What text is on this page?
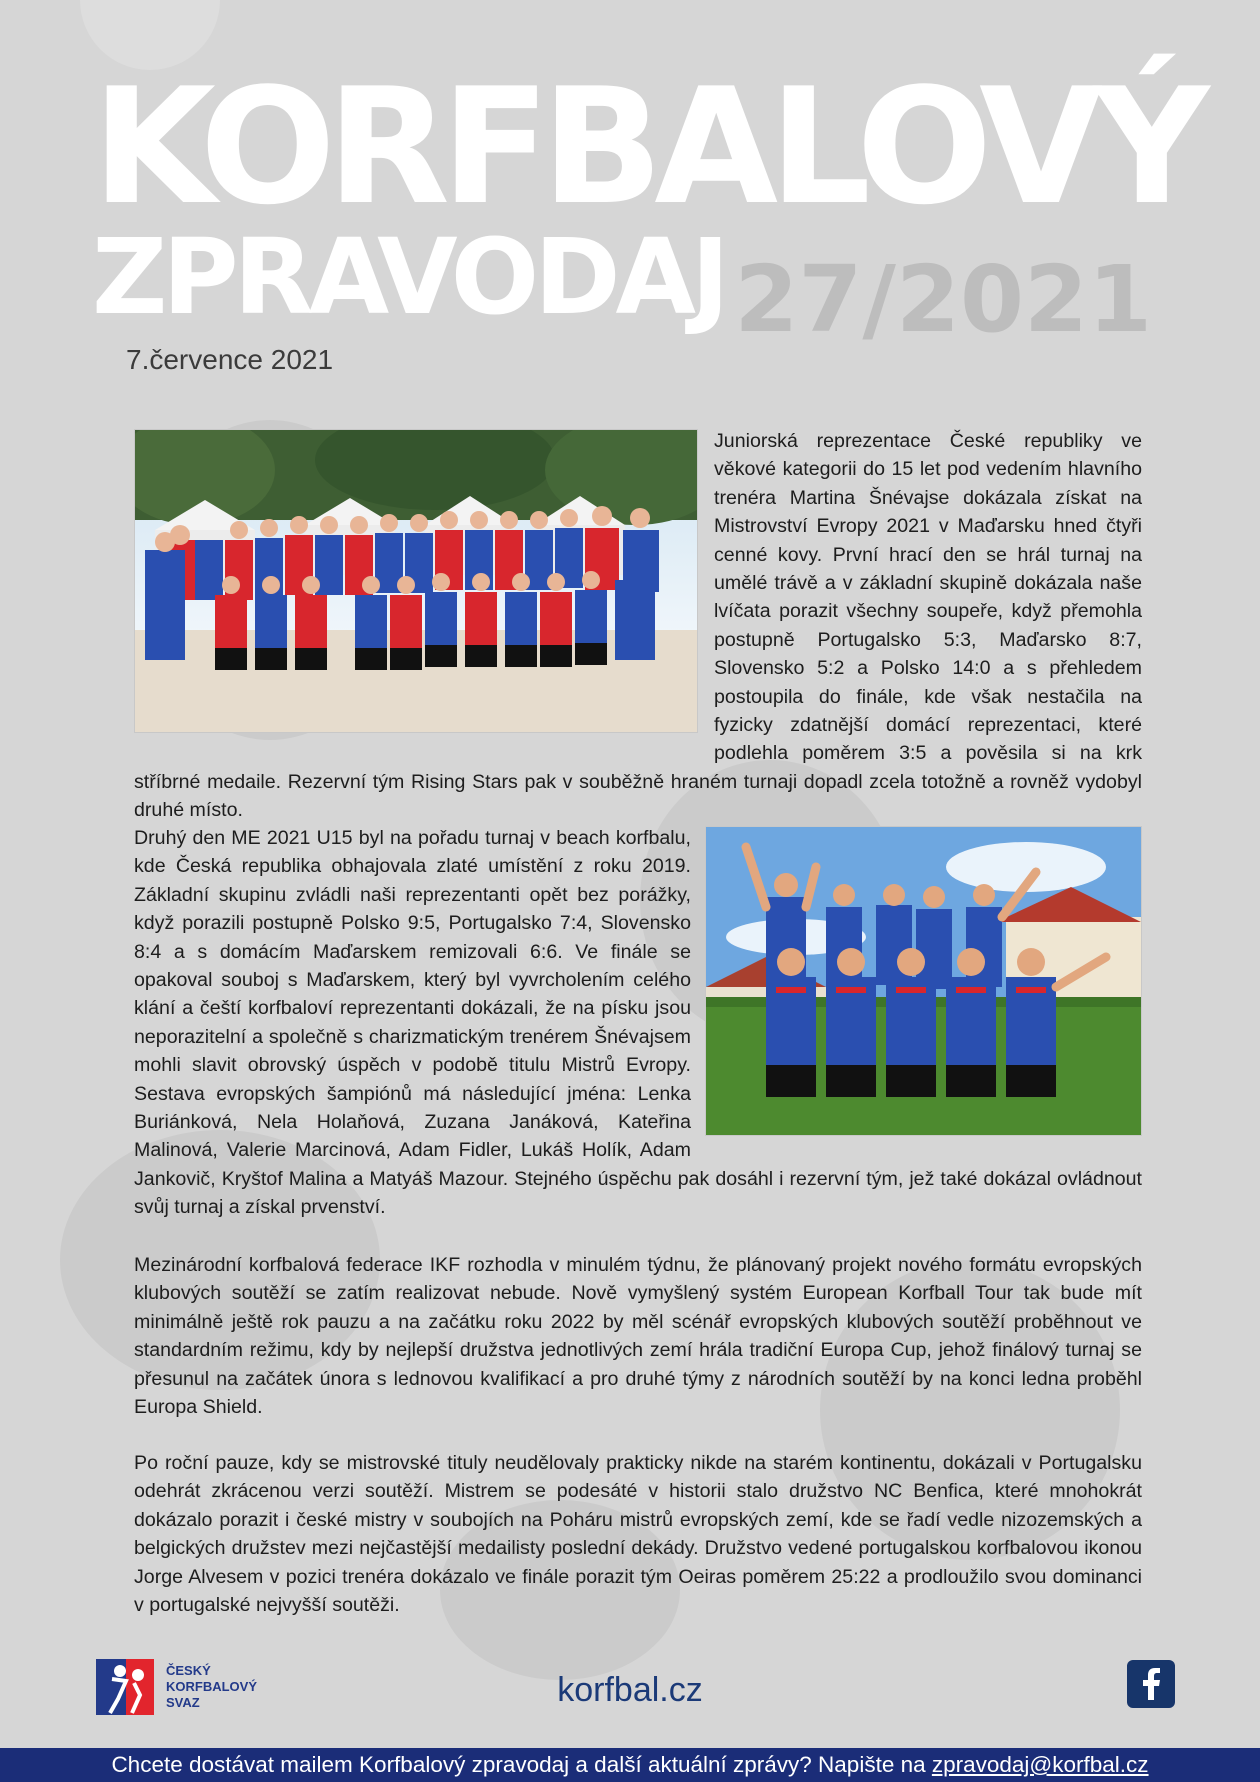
KORFBALOVÝ
ZPRAVODAJ 27/2021
7.července 2021

Juniorská reprezentace České republiky ve věkové kategorii do 15 let pod vedením hlavního trenéra Martina Šnévajse dokázala získat na Mistrovství Evropy 2021 v Maďarsku hned čtyři cenné kovy. První hrací den se hrál turnaj na umělé trávě a v základní skupině dokázala naše lvíčata porazit všechny soupeře, když přemohla postupně Portugalsko 5:3, Maďarsko 8:7, Slovensko 5:2 a Polsko 14:0 a s přehledem postoupila do finále, kde však nestačila na fyzicky zdatnější domácí reprezentaci, které podlehla poměrem 3:5 a pověsila si na krk stříbrné medaile. Rezervní tým Rising Stars pak v souběžně hraném turnaji dopadl zcela totožně a rovněž vydobyl druhé místo.

Druhý den ME 2021 U15 byl na pořadu turnaj v beach korfbalu, kde Česká republika obhajovala zlaté umístění z roku 2019. Základní skupinu zvládli naši reprezentanti opět bez porážky, když porazili postupně Polsko 9:5, Portugalsko 7:4, Slovensko 8:4 a s domácím Maďarskem remizovali 6:6. Ve finále se opakoval souboj s Maďarskem, který byl vyvrcholením celého klání a čeští korfbaloví reprezentanti dokázali, že na písku jsou neporazitelní a společně s charizmatickým trenérem Šnévajsem mohli slavit obrovský úspěch v podobě titulu Mistrů Evropy. Sestava evropských šampiónů má následující jména: Lenka Buriánková, Nela Holaňová, Zuzana Janáková, Kateřina Malinová, Valerie Marcinová, Adam Fidler, Lukáš Holík, Adam Jankovič, Kryštof Malina a Matyáš Mazour. Stejného úspěchu pak dosáhl i rezervní tým, jež také dokázal ovládnout svůj turnaj a získal prvenství.

Mezinárodní korfbalová federace IKF rozhodla v minulém týdnu, že plánovaný projekt nového formátu evropských klubových soutěží se zatím realizovat nebude. Nově vymyšlený systém European Korfball Tour tak bude mít minimálně ještě rok pauzu a na začátku roku 2022 by měl scénář evropských klubových soutěží proběhnout ve standardním režimu, kdy by nejlepší družstva jednotlivých zemí hrála tradiční Europa Cup, jehož finálový turnaj se přesunul na začátek února s lednovou kvalifikací a pro druhé týmy z národních soutěží by na konci ledna proběhl Europa Shield.

Po roční pauze, kdy se mistrovské tituly neudělovaly prakticky nikde na starém kontinentu, dokázali v Portugalsku odehrát zkrácenou verzi soutěží. Mistrem se podesáté v historii stalo družstvo NC Benfica, které mnohokrát dokázalo porazit i české mistry v soubojích na Poháru mistrů evropských zemí, kde se řadí vedle nizozemských a belgických družstev mezi nejčastější medailisty poslední dekády. Družstvo vedené portugalskou korfbalovou ikonou Jorge Alvesem v pozici trenéra dokázalo ve finále porazit tým Oeiras poměrem 25:22 a prodloužilo svou dominanci v portugalské nejvyšší soutěži.

ČESKÝ
KORFBALOVÝ
SVAZ	korfbal.cz
Chcete dostávat mailem Korfbalový zpravodaj a další aktuální zprávy? Napište na zpravodaj@korfbal.cz
